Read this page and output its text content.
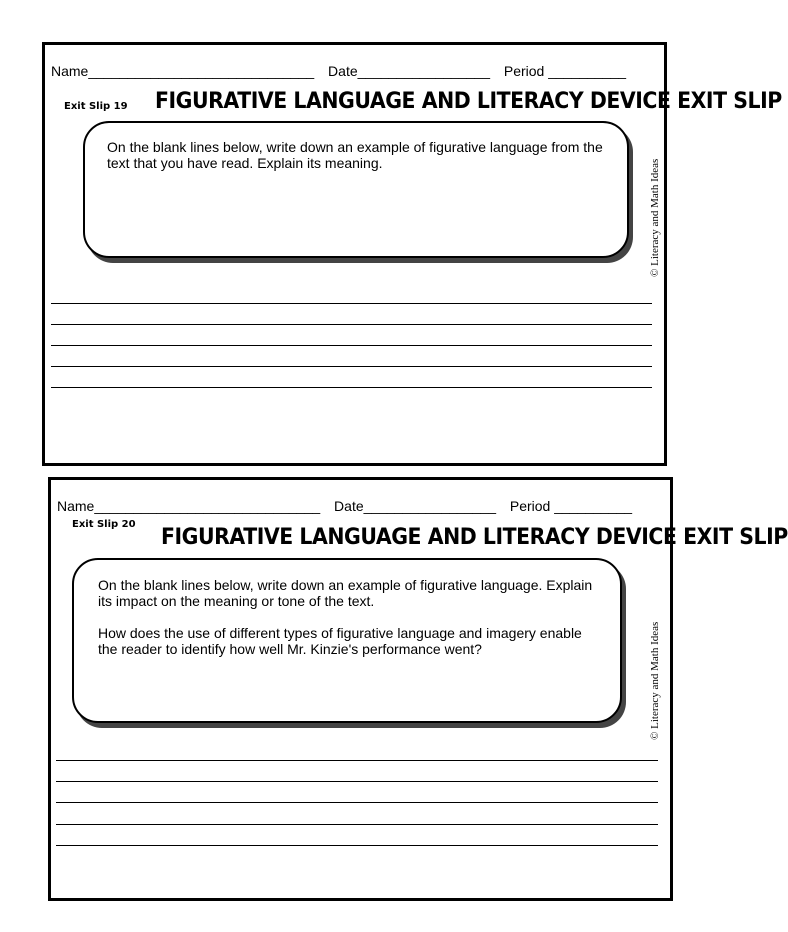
Name_____________________________ Date_________________ Period __________
Exit Slip 19 FIGURATIVE LANGUAGE AND LITERACY DEVICE EXIT SLIP

On the blank lines below, write down an example of figurative language from the text that you have read. Explain its meaning.	© Literacy and Math Ideas
Name_____________________________ Date_________________ Period __________
Exit Slip 20
FIGURATIVE LANGUAGE AND LITERACY DEVICE EXIT SLIP

On the blank lines below, write down an example of figurative language. Explain its impact on the meaning or tone of the text.

How does the use of different types of figurative language and imagery enable the reader to identify how well Mr. Kinzie's performance went?	© Literacy and Math Ideas
